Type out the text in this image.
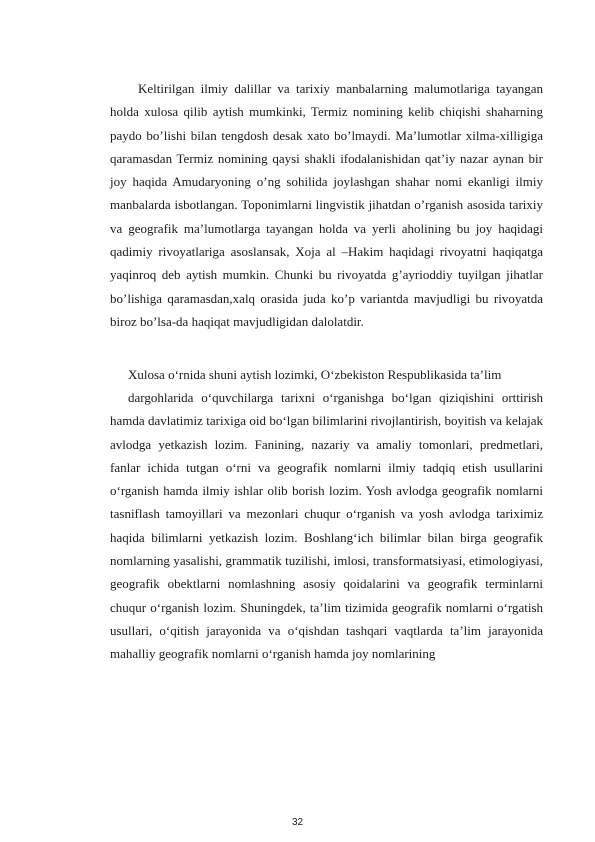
Keltirilgan ilmiy dalillar va tarixiy manbalarning malumotlariga tayangan holda xulosa qilib aytish mumkinki, Termiz nomining kelib chiqishi shaharning paydo bo’lishi bilan tengdosh desak xato bo’lmaydi. Ma’lumotlar xilma-xilligiga qaramasdan Termiz nomining qaysi shakli ifodalanishidan qat’iy nazar aynan bir joy haqida Amudaryoning o’ng sohilida joylashgan shahar nomi ekanligi ilmiy manbalarda isbotlangan. Toponimlarni lingvistik jihatdan o’rganish asosida tarixiy va geografik ma’lumotlarga tayangan holda va yerli aholining bu joy haqidagi qadimiy rivoyatlariga asoslansak, Xoja al –Hakim haqidagi rivoyatni haqiqatga yaqinroq deb aytish mumkin. Chunki bu rivoyatda g’ayrioddiy tuyilgan jihatlar bo’lishiga qaramasdan,xalq orasida juda ko’p variantda mavjudligi bu rivoyatda biroz bo’lsa-da haqiqat mavjudligidan dalolatdir.

Xulosa o‘rnida shuni aytish lozimki, O‘zbekiston Respublikasida ta’lim

dargohlarida o‘quvchilarga tarixni o‘rganishga bo‘lgan qiziqishini orttirish hamda davlatimiz tarixiga oid bo‘lgan bilimlarini rivojlantirish, boyitish va kelajak avlodga yetkazish lozim. Fanining, nazariy va amaliy tomonlari, predmetlari, fanlar ichida tutgan o‘rni va geografik nomlarni ilmiy tadqiq etish usullarini o‘rganish hamda ilmiy ishlar olib borish lozim. Yosh avlodga geografik nomlarni tasniflash tamoyillari va mezonlari chuqur o‘rganish va yosh avlodga tariximiz haqida bilimlarni yetkazish lozim. Boshlang‘ich bilimlar bilan birga geografik nomlarning yasalishi, grammatik tuzilishi, imlosi, transformatsiyasi, etimologiyasi, geografik obektlarni nomlashning asosiy qoidalarini va geografik terminlarni chuqur o‘rganish lozim. Shuningdek, ta’lim tizimida geografik nomlarni o‘rgatish usullari, o‘qitish jarayonida va o‘qishdan tashqari vaqtlarda ta’lim jarayonida mahalliy geografik nomlarni o‘rganish hamda joy nomlarining

32
